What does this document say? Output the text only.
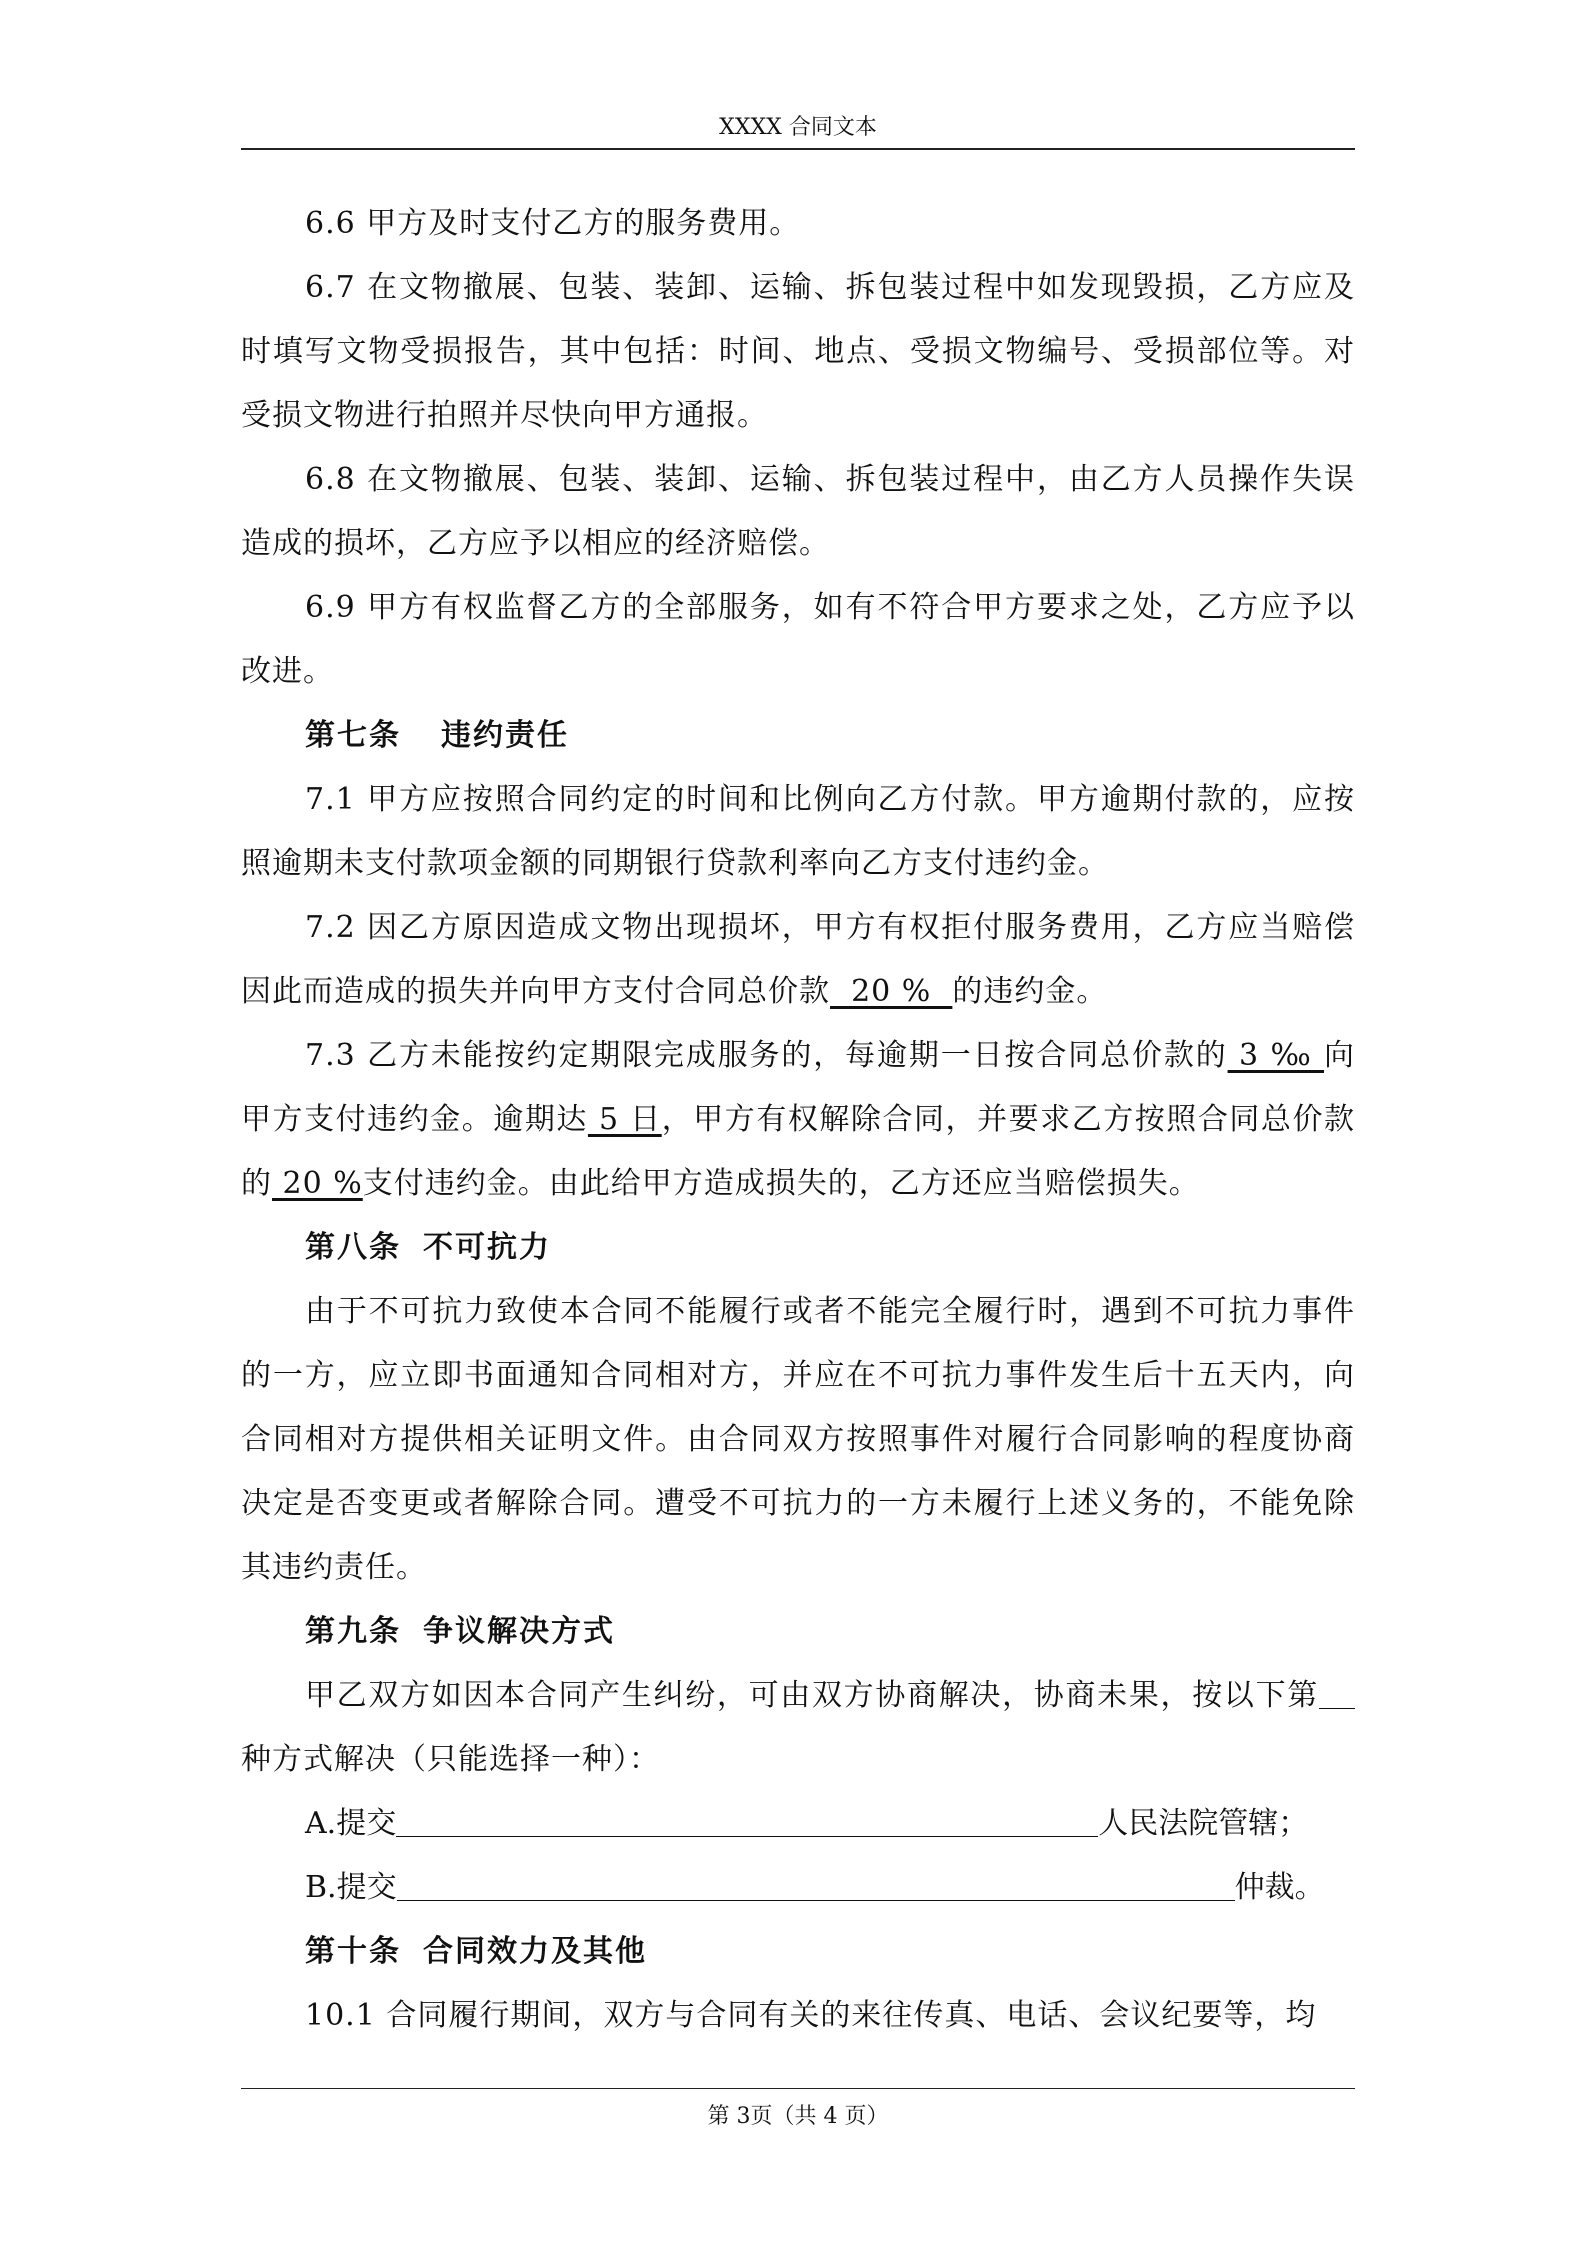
XXXX 合同文本

6.6 甲方及时支付乙方的服务费用。

6.7 在文物撤展、包装、装卸、运输、拆包装过程中如发现毁损，乙方应及时填写文物受损报告，其中包括：时间、地点、受损文物编号、受损部位等。对受损文物进行拍照并尽快向甲方通报。

6.8 在文物撤展、包装、装卸、运输、拆包装过程中，由乙方人员操作失误造成的损坏，乙方应予以相应的经济赔偿。

6.9 甲方有权监督乙方的全部服务，如有不符合甲方要求之处，乙方应予以改进。

第七条 违约责任

7.1 甲方应按照合同约定的时间和比例向乙方付款。甲方逾期付款的，应按照逾期未支付款项金额的同期银行贷款利率向乙方支付违约金。

7.2 因乙方原因造成文物出现损坏，甲方有权拒付服务费用，乙方应当赔偿因此而造成的损失并向甲方支付合同总价款  20 %  的违约金。

7.3 乙方未能按约定期限完成服务的，每逾期一日按合同总价款的 3 ‰ 向甲方支付违约金。逾期达 5 日，甲方有权解除合同，并要求乙方按照合同总价款的 20 %支付违约金。由此给甲方造成损失的，乙方还应当赔偿损失。

第八条 不可抗力

由于不可抗力致使本合同不能履行或者不能完全履行时，遇到不可抗力事件的一方，应立即书面通知合同相对方，并应在不可抗力事件发生后十五天内，向合同相对方提供相关证明文件。由合同双方按照事件对履行合同影响的程度协商决定是否变更或者解除合同。遭受不可抗力的一方未履行上述义务的，不能免除其违约责任。

第九条 争议解决方式

甲乙双方如因本合同产生纠纷，可由双方协商解决，协商未果，按以下第种方式解决（只能选择一种）：

A.提交	人民法院管辖；

B.提交	仲裁。

第十条 合同效力及其他

10.1 合同履行期间，双方与合同有关的来往传真、电话、会议纪要等，均

第 3页（共 4 页）
